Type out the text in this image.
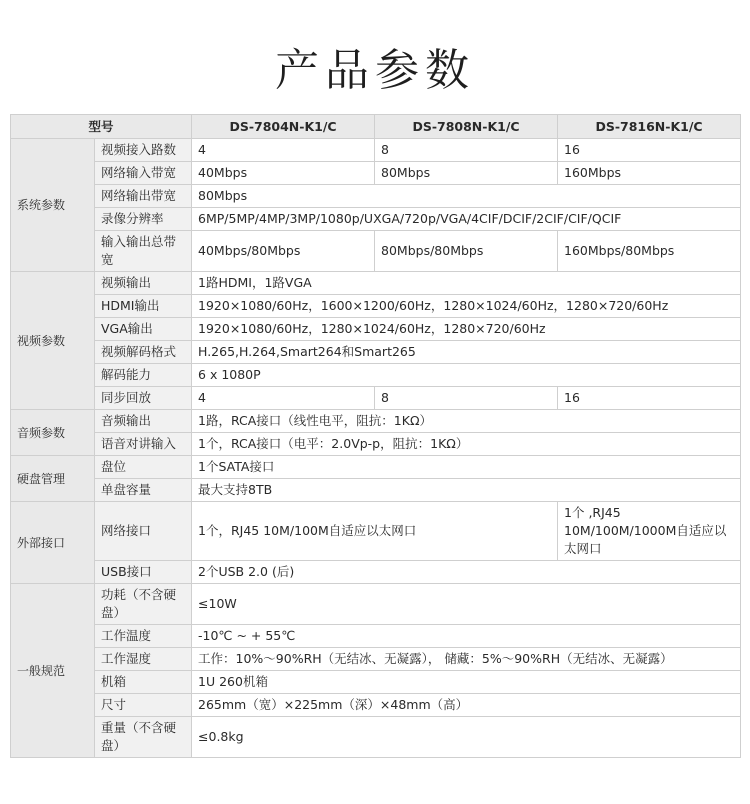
产品参数
型号		DS-7804N-K1/C	DS-7808N-K1/C	DS-7816N-K1/C
系统参数	视频接入路数	4	8	16
	网络输入带宽	40Mbps	80Mbps	160Mbps
	网络输出带宽	80Mbps		
	录像分辨率	6MP/5MP/4MP/3MP/1080p/UXGA/720p/VGA/4CIF/DCIF/2CIF/CIF/QCIF		
	输入输出总带宽	40Mbps/80Mbps	80Mbps/80Mbps	160Mbps/80Mbps
视频参数	视频输出	1路HDMI，1路VGA		
	HDMI输出	1920×1080/60Hz，1600×1200/60Hz，1280×1024/60Hz，1280×720/60Hz		
	VGA输出	1920×1080/60Hz，1280×1024/60Hz，1280×720/60Hz		
	视频解码格式	H.265,H.264,Smart264和Smart265		
	解码能力	6 x 1080P		
	同步回放	4	8	16
音频参数	音频输出	1路，RCA接口（线性电平，阻抗：1KΩ）		
	语音对讲输入	1个，RCA接口（电平：2.0Vp-p，阻抗：1KΩ）		
硬盘管理	盘位	1个SATA接口		
	单盘容量	最大支持8TB		
外部接口	网络接口	1个，RJ45 10M/100M自适应以太网口		1个 ,RJ45 10M/100M/1000M自适应以太网口
	USB接口	2个USB 2.0 (后)		
一般规范	功耗（不含硬盘）	≤10W		
	工作温度	-10℃ ~ + 55℃		
	工作湿度	工作：10%～90%RH（无结冰、无凝露）， 储藏：5%～90%RH（无结冰、无凝露）		
	机箱	1U 260机箱		
	尺寸	265mm（宽）×225mm（深）×48mm（高）		
	重量（不含硬盘）	≤0.8kg		
